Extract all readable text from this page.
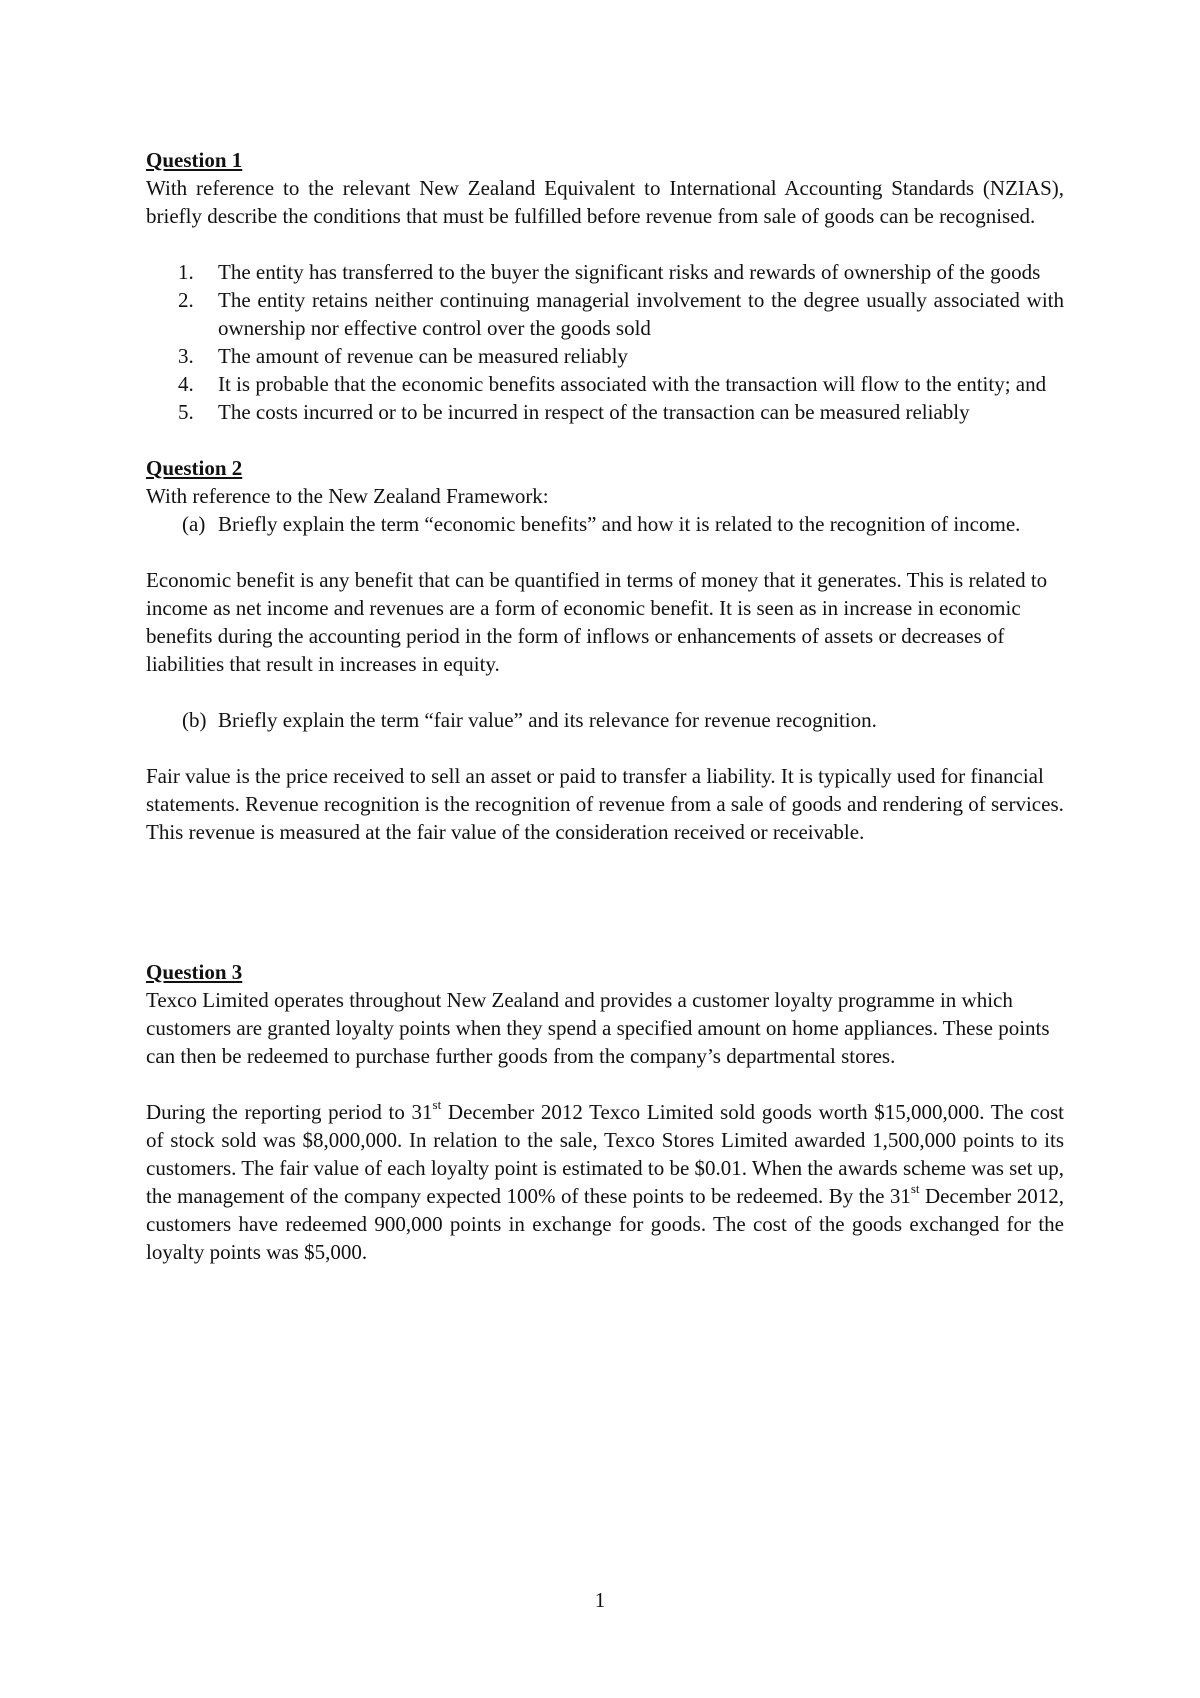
Question 1

With reference to the relevant New Zealand Equivalent to International Accounting Standards (NZIAS), briefly describe the conditions that must be fulfilled before revenue from sale of goods can be recognised.

1. The entity has transferred to the buyer the significant risks and rewards of ownership of the goods
2. The entity retains neither continuing managerial involvement to the degree usually associated with ownership nor effective control over the goods sold
3. The amount of revenue can be measured reliably
4. It is probable that the economic benefits associated with the transaction will flow to the entity; and
5. The costs incurred or to be incurred in respect of the transaction can be measured reliably

Question 2

With reference to the New Zealand Framework:

(a) Briefly explain the term “economic benefits” and how it is related to the recognition of income.

Economic benefit is any benefit that can be quantified in terms of money that it generates. This is related to income as net income and revenues are a form of economic benefit. It is seen as in increase in economic benefits during the accounting period in the form of inflows or enhancements of assets or decreases of liabilities that result in increases in equity.

(b) Briefly explain the term “fair value” and its relevance for revenue recognition.

Fair value is the price received to sell an asset or paid to transfer a liability. It is typically used for financial statements. Revenue recognition is the recognition of revenue from a sale of goods and rendering of services. This revenue is measured at the fair value of the consideration received or receivable.

Question 3

Texco Limited operates throughout New Zealand and provides a customer loyalty programme in which customers are granted loyalty points when they spend a specified amount on home appliances. These points can then be redeemed to purchase further goods from the company’s departmental stores.

During the reporting period to 31st December 2012 Texco Limited sold goods worth $15,000,000. The cost of stock sold was $8,000,000. In relation to the sale, Texco Stores Limited awarded 1,500,000 points to its customers. The fair value of each loyalty point is estimated to be $0.01. When the awards scheme was set up, the management of the company expected 100% of these points to be redeemed. By the 31st December 2012, customers have redeemed 900,000 points in exchange for goods. The cost of the goods exchanged for the loyalty points was $5,000.

1
